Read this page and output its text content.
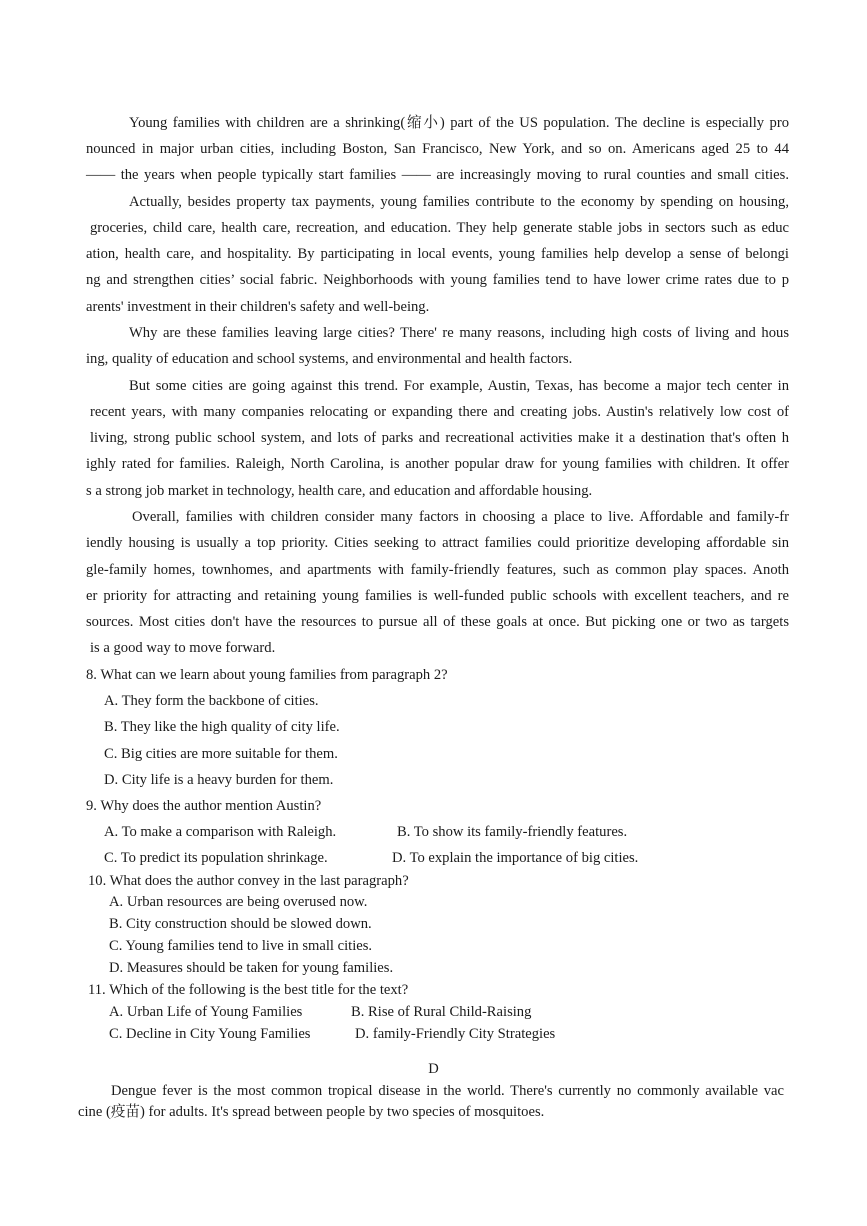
Young families with children are a shrinking(缩小) part of the US population. The decline is especially pro
nounced in major urban cities, including Boston, San Francisco, New York, and so on. Americans aged 25 to 44
—— the years when people typically start families —— are increasingly moving to rural counties and small cities.
Actually, besides property tax payments, young families contribute to the economy by spending on housing,
groceries, child care, health care, recreation, and education. They help generate stable jobs in sectors such as educ
ation, health care, and hospitality. By participating in local events, young families help develop a sense of belongi
ng and strengthen cities’ social fabric. Neighborhoods with young families tend to have lower crime rates due to p
arents' investment in their children's safety and well-being.
Why are these families leaving large cities? There' re many reasons, including high costs of living and hous
ing, quality of education and school systems, and environmental and health factors.
But some cities are going against this trend. For example, Austin, Texas, has become a major tech center in
recent years, with many companies relocating or expanding there and creating jobs. Austin's relatively low cost of
living, strong public school system, and lots of parks and recreational activities make it a destination that's often h
ighly rated for families. Raleigh, North Carolina, is another popular draw for young families with children. It offer
s a strong job market in technology, health care, and education and affordable housing.
Overall, families with children consider many factors in choosing a place to live. Affordable and family-fr
iendly housing is usually a top priority. Cities seeking to attract families could prioritize developing affordable sin
gle-family homes, townhomes, and apartments with family-friendly features, such as common play spaces. Anoth
er priority for attracting and retaining young families is well-funded public schools with excellent teachers, and re
sources. Most cities don't have the resources to pursue all of these goals at once. But picking one or two as targets
is a good way to move forward.
8. What can we learn about young families from paragraph 2?
A. They form the backbone of cities.
B. They like the high quality of city life.
C. Big cities are more suitable for them.
D. City life is a heavy burden for them.
9. Why does the author mention Austin?
A. To make a comparison with Raleigh.	B. To show its family-friendly features.
C. To predict its population shrinkage.	D. To explain the importance of big cities.
10. What does the author convey in the last paragraph?
A. Urban resources are being overused now.
B. City construction should be slowed down.
C. Young families tend to live in small cities.
D. Measures should be taken for young families.
11. Which of the following is the best title for the text?
A. Urban Life of Young Families	B. Rise of Rural Child-Raising
C. Decline in City Young Families	D. family-Friendly City Strategies
D
Dengue fever is the most common tropical disease in the world. There's currently no commonly available vac
cine (疫苗) for adults. It's spread between people by two species of mosquitoes.
